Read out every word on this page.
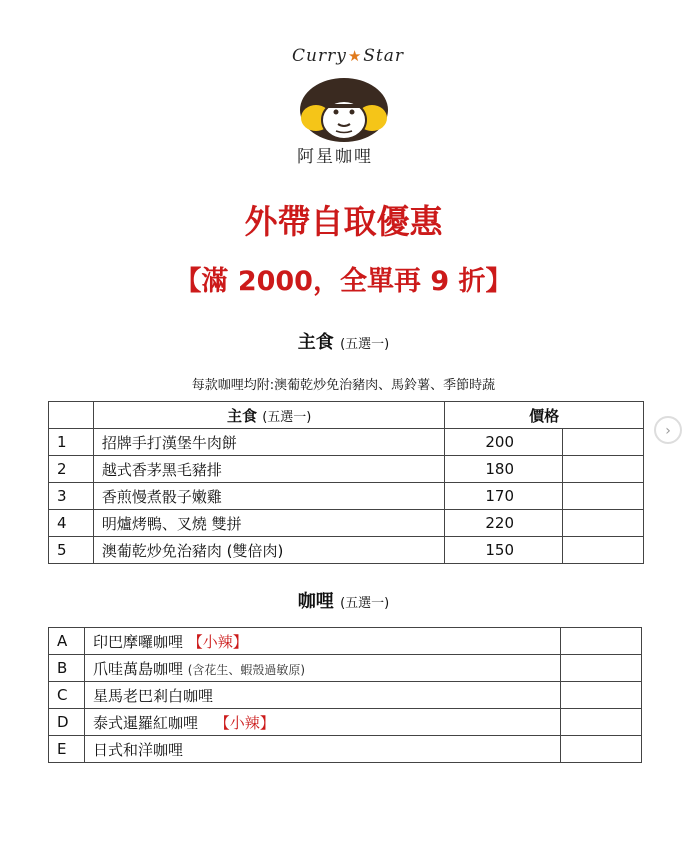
Curry★Star
阿星咖哩
外帶自取優惠
【滿 2000，全單再 9 折】
主食 (五選一)
每款咖哩均附:澳葡乾炒免治豬肉、馬鈴薯、季節時蔬
	主食 (五選一)	價格	
1	招牌手打漢堡牛肉餅	200	
2	越式香茅黑毛豬排	180	
3	香煎慢煮骰子嫩雞	170	
4	明爐烤鴨、叉燒 雙拼	220	
5	澳葡乾炒免治豬肉 (雙倍肉)	150	
咖哩 (五選一)
A	印巴摩囉咖哩 【小辣】	
B	爪哇萬島咖哩 (含花生、蝦殼過敏原)	
C	星馬老巴剎白咖哩	
D	泰式暹羅紅咖哩 【小辣】	
E	日式和洋咖哩	
›
